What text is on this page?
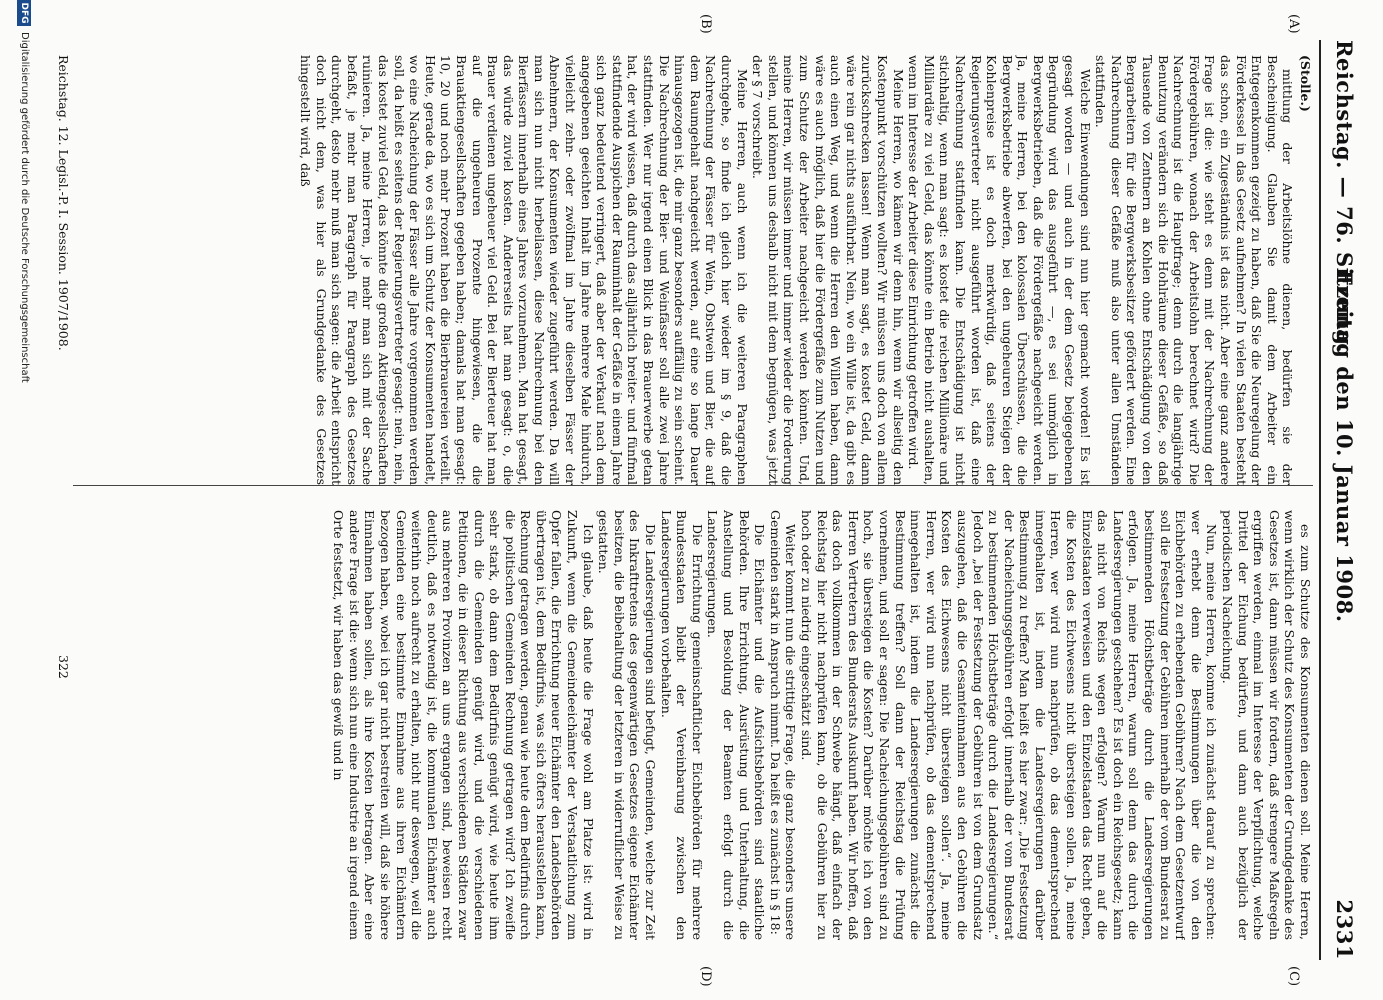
Reichstag. — 76. Sitzung.
Freitag den 10. Januar 1908.
2331
(A)
(B)
(C)
(D)

(Stolle.)

mittlung der Arbeitslöhne dienen, bedürfen sie der Bescheinigung. Glauben Sie damit dem Arbeiter ein Entgegenkommen gezeigt zu haben, daß Sie die Neuregelung der Förderkessel in das Gesetz aufnehmen? In vielen Staaten besteht das schon, ein Zugeständnis ist das nicht. Aber eine ganz andere Frage ist die: wie steht es denn mit der Nachrechnung der Fördergebühren, wonach der Arbeitslohn berechnet wird? Die Nachrechnung ist die Hauptfrage; denn durch die langjährige Benutzung verändern sich die Hohlräume dieser Gefäße, so daß Tausende von Zentnern an Kohlen ohne Entschädigung von den Bergarbeitern für die Bergwerksbesitzer gefördert werden. Eine Nachrechnung dieser Gefäße muß also unter allen Umständen stattfinden.

Welche Einwendungen sind nun hier gemacht worden! Es ist gesagt worden — und auch in der dem Gesetz beigegebenen Begründung wird das ausgeführt —, es sei unmöglich in Bergwerksbetrieben, daß die Fördergefäße nachgeeicht werden. Ja, meine Herren, bei den kolossalen Überschüssen, die die Bergwerksbetriebe abwerfen, bei den ungeheuren Steigen der Kohlenpreise ist es doch merkwürdig, daß seitens der Regierungsvertreter nicht ausgeführt worden ist, daß eine Nachrechnung stattfinden kann. Die Entschädigung ist nicht stichhaltig, wenn man sagt: es kostet die reichen Millionäre und Milliardäre zu viel Geld, das könnte ein Betrieb nicht aushalten, wenn im Interesse der Arbeiter diese Einrichtung getroffen wird.

Meine Herren, wo kämen wir denn hin, wenn wir allseitig den Kostenpunkt vorschützen wollten? Wir müssen uns doch von allem zurückschrecken lassen! Wenn man sagt, es kostet Geld, dann wäre rein gar nichts ausführbar. Nein, wo ein Wille ist, da gibt es auch einen Weg, und wenn die Herren den Willen haben, dann wäre es auch möglich, daß hier die Fördergefäße zum Nutzen und zum Schutze der Arbeiter nachgeeicht werden könnten. Und, meine Herren, wir müssen immer und immer wieder die Forderung stellen, und können uns deshalb nicht mit dem begnügen, was jetzt der § 7 vorschreibt.

Meine Herren, auch wenn ich die weiteren Paragraphen durchgehe, so finde ich gleich hier wieder im § 9, daß die Nachrechnung der Fässer für Wein, Obstwein und Bier, die auf dem Raumgehalt nachgeeicht werden, auf eine so lange Dauer hinausgezogen ist, die mir ganz besonders auffällig zu sein scheint. Die Nachrechnung der Bier- und Weinfässer soll alle zwei Jahre stattfinden. Wer nur irgend einen Blick in das Brauerwerbe getan hat, der wird wissen, daß durch das alljährlich breiter- und fünfmal stattfindende Auspichen der Rauminhalt der Gefäße in einem Jahre sich ganz bedeutend verringert, daß aber der Verkauf nach dem angegebenen geeichten Inhalt im Jahre mehrere Male hindurch, vielleicht zehn- oder zwölfmal im Jahre dieselben Fässer der Abnehmern, der Konsumenten wieder zugeführt werden. Da will man sich nun nicht herbeilassen, diese Nachrechnung bei den Bierfässern innerhalb eines Jahres vorzunehmen. Man hat gesagt, das würde zuviel kosten. Andererseits hat man gesagt: o, die Brauer verdienen ungeheuer viel Geld. Bei der Bierteuer hat man auf die ungeheuren Prozente hingewiesen, die die Brauaktiengesellschaften gegeben haben; damals hat man gesagt: 10, 20 und noch mehr Prozent haben die Bierbrauereien verteilt. Heute, gerade da, wo es sich um Schutz der Konsumenten handelt, wo eine Nacheichung der Fässer alle Jahre vorgenommen werden soll, da heißt es seitens der Regierungsvertreter gesagt: nein, nein, das kostet zuviel Geld, das könnte die großen Aktiengesellschaften ruinieren. Ja, meine Herren, je mehr man sich mit der Sache befaßt, je mehr man Paragraph für Paragraph des Gesetzes durchgeht, desto mehr muß man sich sagen: die Arbeit entspricht doch nicht dem, was hier als Grundgedanke des Gesetzes hingestellt wird, daß

es zum Schutze des Konsumenten dienen soll. Meine Herren, wenn wirklich der Schutz des Konsumenten der Grundgedanke des Gesetzes ist, dann müssen wir fordern, daß strengere Maßregeln ergriffen werden, einmal im Interesse der Verpflichtung, welche Drittel der Eichung bedürfen, und dann auch bezüglich der periodischen Nacheichung.

Nun, meine Herren, komme ich zunächst darauf zu sprechen: wer erhebt denn die Bestimmungen über die von den Eichbehörden zu erhebenden Gebühren? Nach dem Gesetzentwurf soll die Festsetzung der Gebühren innerhalb der vom Bundesrat zu bestimmenden Höchstbeträge durch die Landesregierungen erfolgen. Ja, meine Herren, warum soll denn das durch die Landesregierungen geschehen? Es ist doch ein Reichsgesetz; kann das nicht von Reichs wegen erfolgen? Warum nun auf die Einzelstaaten verweisen und den Einzelstaaten das Recht geben, die Kosten des Eichwesens nicht übersteigen sollen. Ja, meine Herren, wer wird nun nachprüfen, ob das dementsprechend innegehalten ist, indem die Landesregierungen darüber Bestimmung zu treffen? Man heißt es hier zwar: „Die Festsetzung der Nacheichungsgebühren erfolgt innerhalb der vom Bundesrat zu bestimmenden Höchstbeträge durch die Landesregierungen.“ Jedoch „bei der Festsetzung der Gebühren ist von dem Grundsatz auszugehen, daß die Gesamteinnahmen aus den Gebühren die Kosten des Eichwesens nicht übersteigen sollen“. Ja, meine Herren, wer wird nun nachprüfen, ob das dementsprechend innegehalten ist, indem die Landesregierungen zunächst die Bestimmung treffen? Soll dann der Reichstag die Prüfung vornehmen, und soll er sagen: Die Nacheichungsgebühren sind zu hoch, sie übersteigen die Kosten? Darüber möchte ich von den Herren Vertretern des Bundesrats Auskunft haben. Wir hoffen, daß das doch vollkommen in der Schwebe hängt, daß einfach der Reichstag hier nicht nachprüfen kann, ob die Gebühren hier zu hoch oder zu niedrig eingeschätzt sind.

Weiter kommt nun die strittige Frage, die ganz besonders unsere Gemeinden stark in Anspruch nimmt. Da heißt es zunächst in § 18:

Die Eichämter und die Aufsichtsbehörden sind staatliche Behörden. Ihre Errichtung, Ausrüstung und Unterhaltung, die Anstellung und Besoldung der Beamten erfolgt durch die Landesregierungen.

Die Errichtung gemeinschaftlicher Eichbehörden für mehrere Bundesstaaten bleibt der Vereinbarung zwischen den Landesregierungen vorbehalten.

Die Landesregierungen sind befugt, Gemeinden, welche zur Zeit des Inkrafttretens des gegenwärtigen Gesetzes eigene Eichämter besitzen, die Beibehaltung der letzteren in widerruflicher Weise zu gestatten.

Ich glaube, daß heute die Frage wohl am Platze ist: wird in Zukunft, wenn die Gemeindeeichämter der Verstaatlichung zum Opfer fallen, die Errichtung neuer Eichämter den Landesbehörden übertragen ist, dem Bedürfnis, was sich öfters herausstellen kann, Rechnung getragen werden, genau wie heute dem Bedürfnis durch die politischen Gemeinden Rechnung getragen wird? Ich zweifle sehr stark, ob dann dem Bedürfnis genügt wird, wie heute ihm durch die Gemeinden genügt wird, und die verschiedenen Petitionen, die in dieser Richtung aus verschiedenen Städten zwar aus mehreren Provinzen an uns ergangen sind, beweisen recht deutlich, daß es notwendig ist, die kommunalen Eichämter auch weiterhin noch aufrecht zu erhalten, nicht nur deswegen, weil die Gemeinden eine bestimmte Einnahme aus ihren Eichämtern bezogen haben, wobei ich gar nicht bestreiten will, daß sie höhere Einnahmen haben sollen, als ihre Kosten betragen. Aber eine andere Frage ist die: wenn sich nun eine Industrie an irgend einem Orte festsetzt, wir haben das gewiß und in

Reichstag. 12. Legisl.-P. I. Session. 1907/1908.
322
DFG
Digitalisierung gefördert durch die Deutsche Forschungsgemeinschaft
